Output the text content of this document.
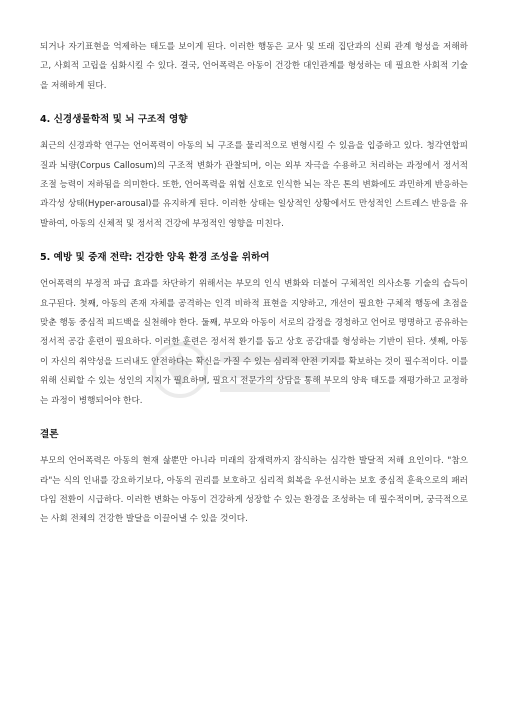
되거나 자기표현을 억제하는 태도를 보이게 된다. 이러한 행동은 교사 및 또래 집단과의 신뢰 관계 형성을 저해하고, 사회적 고립을 심화시킬 수 있다. 결국, 언어폭력은 아동이 건강한 대인관계를 형성하는 데 필요한 사회적 기술을 저해하게 된다.

4. 신경생물학적 및 뇌 구조적 영향

최근의 신경과학 연구는 언어폭력이 아동의 뇌 구조를 물리적으로 변형시킬 수 있음을 입증하고 있다. 청각연합피질과 뇌량(Corpus Callosum)의 구조적 변화가 관찰되며, 이는 외부 자극을 수용하고 처리하는 과정에서 정서적 조절 능력이 저하됨을 의미한다. 또한, 언어폭력을 위협 신호로 인식한 뇌는 작은 톤의 변화에도 과민하게 반응하는 과각성 상태(Hyper-arousal)를 유지하게 된다. 이러한 상태는 일상적인 상황에서도 만성적인 스트레스 반응을 유발하여, 아동의 신체적 및 정서적 건강에 부정적인 영향을 미친다.

5. 예방 및 중재 전략: 건강한 양육 환경 조성을 위하여

언어폭력의 부정적 파급 효과를 차단하기 위해서는 부모의 인식 변화와 더불어 구체적인 의사소통 기술의 습득이 요구된다. 첫째, 아동의 존재 자체를 공격하는 인격 비하적 표현을 지양하고, 개선이 필요한 구체적 행동에 초점을 맞춘 행동 중심적 피드백을 실천해야 한다. 둘째, 부모와 아동이 서로의 감정을 경청하고 언어로 명명하고 공유하는 정서적 공감 훈련이 필요하다. 이러한 훈련은 정서적 환기를 돕고 상호 공감대를 형성하는 기반이 된다. 셋째, 아동이 자신의 취약성을 드러내도 안전하다는 확신을 가질 수 있는 심리적 안전 기지를 확보하는 것이 필수적이다. 이를 위해 신뢰할 수 있는 성인의 지지가 필요하며, 필요시 전문가의 상담을 통해 부모의 양육 태도를 재평가하고 교정하는 과정이 병행되어야 한다.

결론

부모의 언어폭력은 아동의 현재 삶뿐만 아니라 미래의 잠재력까지 잠식하는 심각한 발달적 저해 요인이다. "참으라"는 식의 인내를 강요하기보다, 아동의 권리를 보호하고 심리적 회복을 우선시하는 보호 중심적 훈육으로의 패러다임 전환이 시급하다. 이러한 변화는 아동이 건강하게 성장할 수 있는 환경을 조성하는 데 필수적이며, 궁극적으로는 사회 전체의 건강한 발달을 이끌어낼 수 있을 것이다.
